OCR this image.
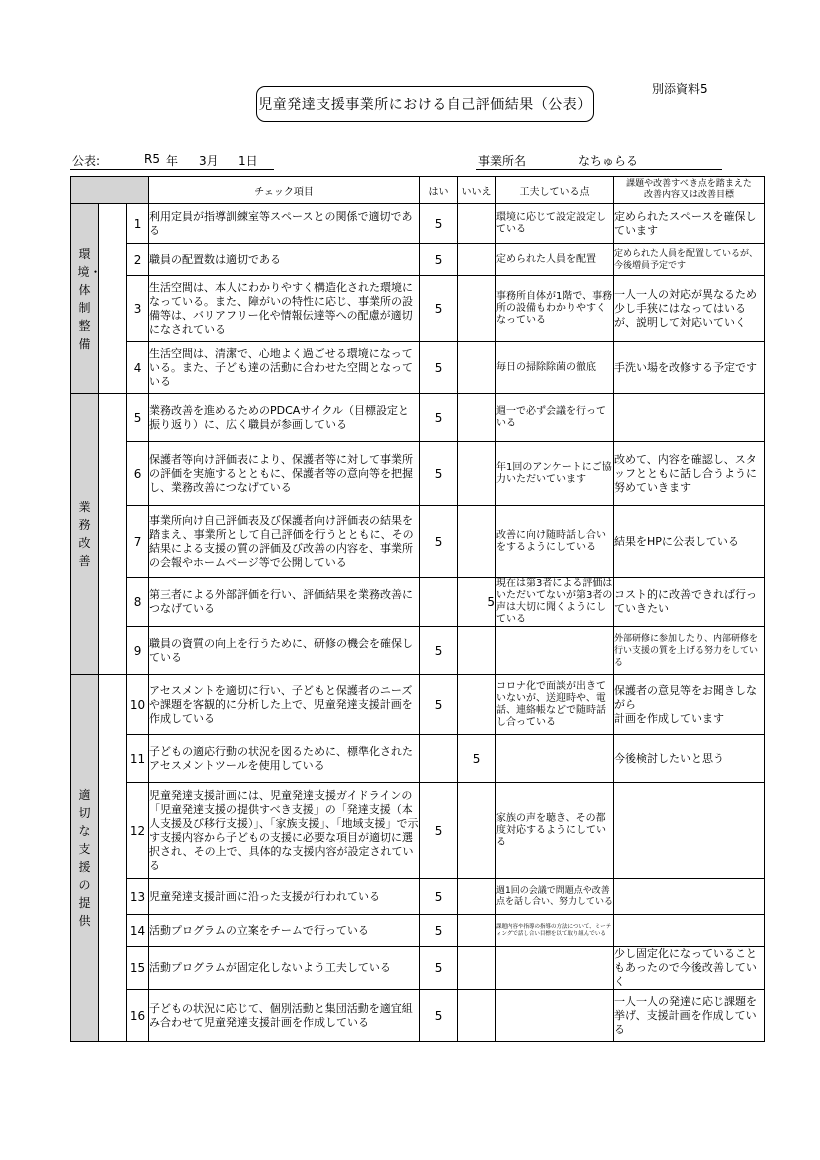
別添資料5
児童発達支援事業所における自己評価結果（公表）
公表:	R5 年 3月 1日	事業所名	なちゅらる
			チェック項目	はい	いいえ	工夫している点	課題や改善すべき点を踏まえた
改善内容又は改善目標
環境・体制整備		1	利用定員が指導訓練室等スペースとの関係で適切である	5		環境に応じて設定設定している	定められたスペースを確保しています
		2	職員の配置数は適切である	5		定められた人員を配置	定められた人員を配置しているが、今後増員予定です
		3	生活空間は、本人にわかりやすく構造化された環境になっている。また、障がいの特性に応じ、事業所の設備等は、バリアフリー化や情報伝達等への配慮が適切になされている	5		事務所自体が1階で、事務所の設備もわかりやすくなっている	一人一人の対応が異なるため少し手狭にはなってはいるが、説明して対応いていく
		4	生活空間は、清潔で、心地よく過ごせる環境になっている。また、子ども達の活動に合わせた空間となっている	5		毎日の掃除除菌の徹底	手洗い場を改修する予定です
業務改善		5	業務改善を進めるためのPDCAサイクル（目標設定と振り返り）に、広く職員が参画している	5		週一で必ず会議を行っている	
		6	保護者等向け評価表により、保護者等に対して事業所の評価を実施するとともに、保護者等の意向等を把握し、業務改善につなげている	5		年1回のアンケートにご協力いただいています	改めて、内容を確認し、スタッフとともに話し合うように努めていきます
		7	事業所向け自己評価表及び保護者向け評価表の結果を踏まえ、事業所として自己評価を行うとともに、その結果による支援の質の評価及び改善の内容を、事業所の会報やホームページ等で公開している	5		改善に向け随時話し合いをするようにしている	結果をHPに公表している
		8	第三者による外部評価を行い、評価結果を業務改善につなげている		5	現在は第3者による評価はいただいてないが第3者の声は大切に聞くようにしている	コスト的に改善できれば行っていきたい
		9	職員の資質の向上を行うために、研修の機会を確保している	5			外部研修に参加したり、内部研修を行い支援の質を上げる努力をしている
適切な支援の提供		10	アセスメントを適切に行い、子どもと保護者のニーズや課題を客観的に分析した上で、児童発達支援計画を作成している	5		コロナ化で面談が出きていないが、送迎時や、電話、連絡帳などで随時話し合っている	保護者の意見等をお聞きしながら
計画を作成しています
		11	子どもの適応行動の状況を図るために、標準化されたアセスメントツールを使用している		5		今後検討したいと思う
		12	児童発達支援計画には、児童発達支援ガイドラインの「児童発達支援の提供すべき支援」の「発達支援（本人支援及び移行支援）」、「家族支援」、「地域支援」で示す支援内容から子どもの支援に必要な項目が適切に選択され、その上で、具体的な支援内容が設定されている	5		家族の声を聴き、その都度対応するようにしている	
		13	児童発達支援計画に沿った支援が行われている	5		週1回の会議で問題点や改善点を話し合い、努力している	
		14	活動プログラムの立案をチームで行っている	5		課題内容や指導の指導の方法について、ミーティングで話し合い目標を以て取り組んでいる	
		15	活動プログラムが固定化しないよう工夫している	5			少し固定化になっていることもあったので今後改善していく
		16	子どもの状況に応じて、個別活動と集団活動を適宜組み合わせて児童発達支援計画を作成している	5			一人一人の発達に応じ課題を挙げ、支援計画を作成している
